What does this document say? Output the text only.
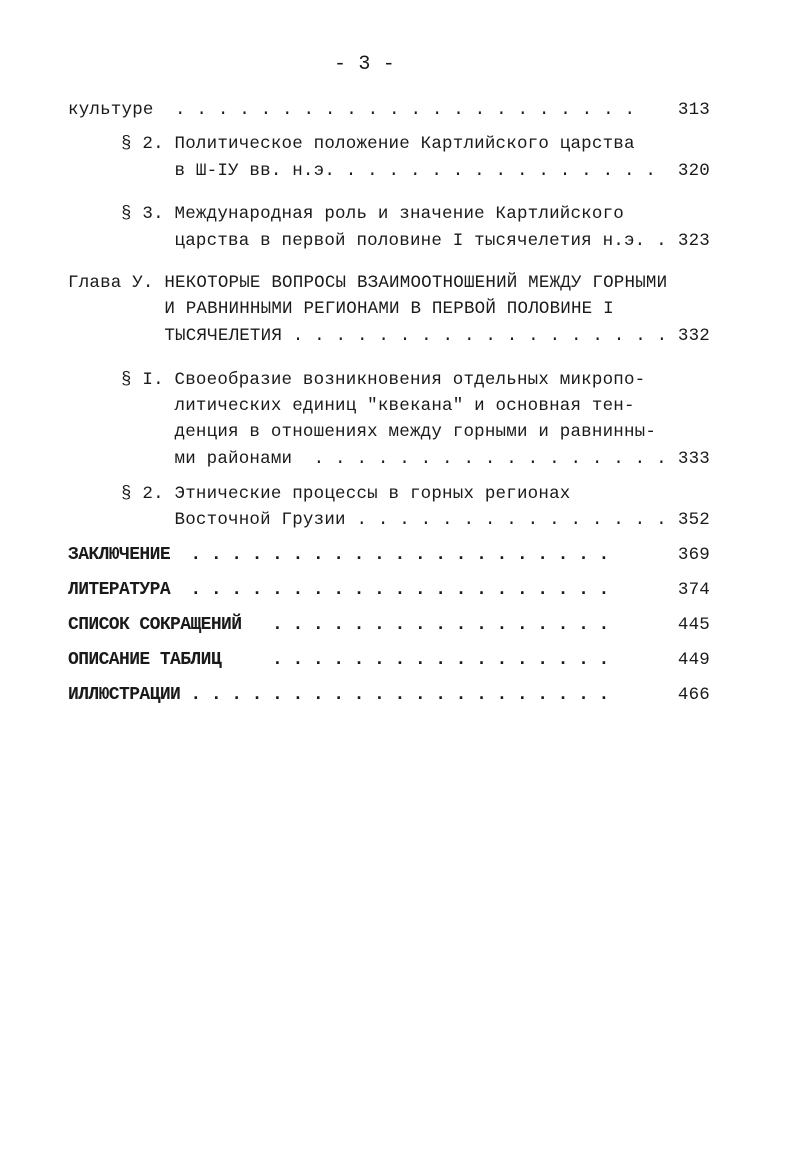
- 3 -
культуре  . . . . . . . . . . . . . . . . . . . . . . 313
§ 2. Политическое положение Картлийского царства
в Ш-IУ вв. н.э. . . . . . . . . . . . . . . . 320
§ 3. Международная роль и значение Картлийского
царства в первой половине I тысячелетия н.э. . 323
Глава У. НЕКОТОРЫЕ ВОПРОСЫ ВЗАИМООТНОШЕНИЙ МЕЖДУ ГОРНЫМИ
И РАВНИННЫМИ РЕГИОНАМИ В ПЕРВОЙ ПОЛОВИНЕ I
ТЫСЯЧЕЛЕТИЯ . . . . . . . . . . . . . . . . . . 332
§ I. Своеобразие возникновения отдельных микропо-
литических единиц "квекана" и основная тен-
денция в отношениях между горными и равнинны-
ми районами  . . . . . . . . . . . . . . . . . 333
§ 2. Этнические процессы в горных регионах
Восточной Грузии . . . . . . . . . . . . . . . 352
ЗАКЛЮЧЕНИЕ  . . . . . . . . . . . . . . . . . . . . .	369
ЛИТЕРАТУРА  . . . . . . . . . . . . . . . . . . . . .	374
СПИСОК СОКРАЩЕНИЙ   . . . . . . . . . . . . . . . . .	445
ОПИСАНИЕ ТАБЛИЦ     . . . . . . . . . . . . . . . . .	449
ИЛЛЮСТРАЦИИ . . . . . . . . . . . . . . . . . . . . .	466
